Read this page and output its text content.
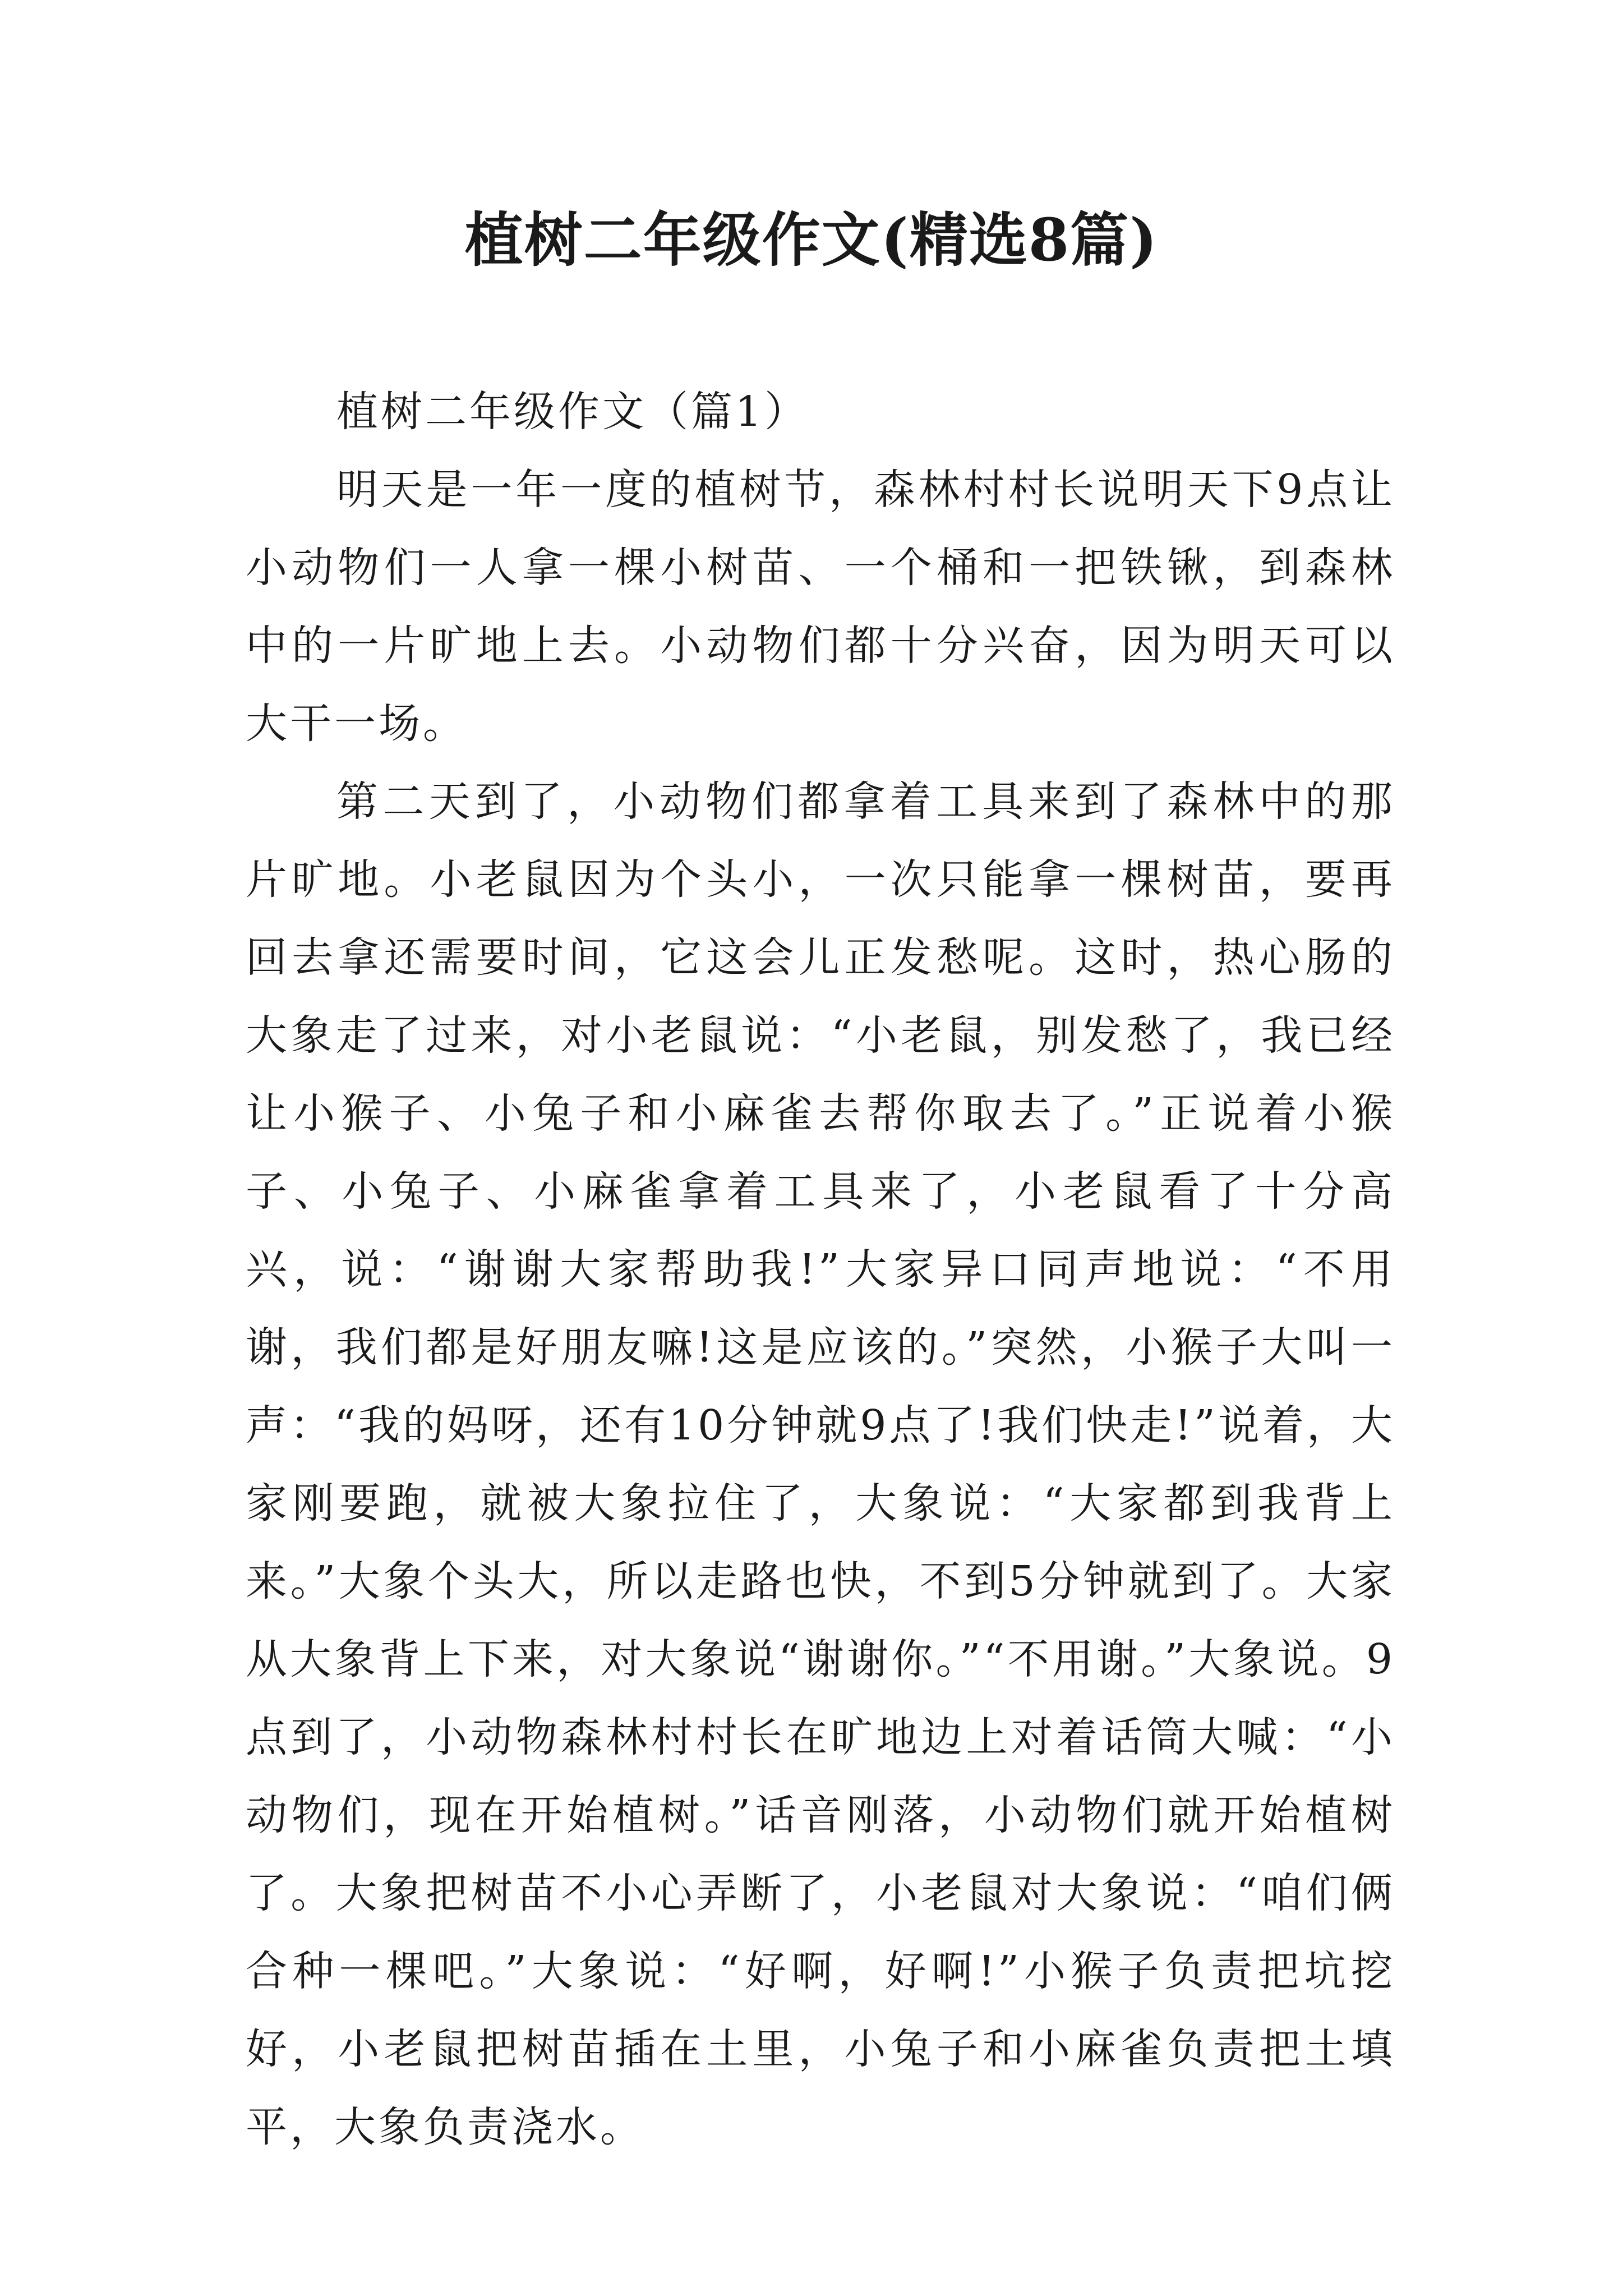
植树二年级作文(精选8篇)

植树二年级作文（篇1）

明天是一年一度的植树节，森林村村长说明天下9点让小动物们一人拿一棵小树苗、一个桶和一把铁锹，到森林中的一片旷地上去。小动物们都十分兴奋，因为明天可以大干一场。

第二天到了，小动物们都拿着工具来到了森林中的那片旷地。小老鼠因为个头小，一次只能拿一棵树苗，要再回去拿还需要时间，它这会儿正发愁呢。这时，热心肠的大象走了过来，对小老鼠说：“小老鼠，别发愁了，我已经让小猴子、小兔子和小麻雀去帮你取去了。”正说着小猴子、小兔子、小麻雀拿着工具来了，小老鼠看了十分高兴，说：“谢谢大家帮助我!”大家异口同声地说：“不用谢，我们都是好朋友嘛!这是应该的。”突然，小猴子大叫一声：“我的妈呀，还有10分钟就9点了!我们快走!”说着，大家刚要跑，就被大象拉住了，大象说：“大家都到我背上来。”大象个头大，所以走路也快，不到5分钟就到了。大家从大象背上下来，对大象说“谢谢你。”“不用谢。”大象说。9点到了，小动物森林村村长在旷地边上对着话筒大喊：“小动物们，现在开始植树。”话音刚落，小动物们就开始植树了。大象把树苗不小心弄断了，小老鼠对大象说：“咱们俩合种一棵吧。”大象说：“好啊，好啊!”小猴子负责把坑挖好，小老鼠把树苗插在土里，小兔子和小麻雀负责把土填平，大象负责浇水。
